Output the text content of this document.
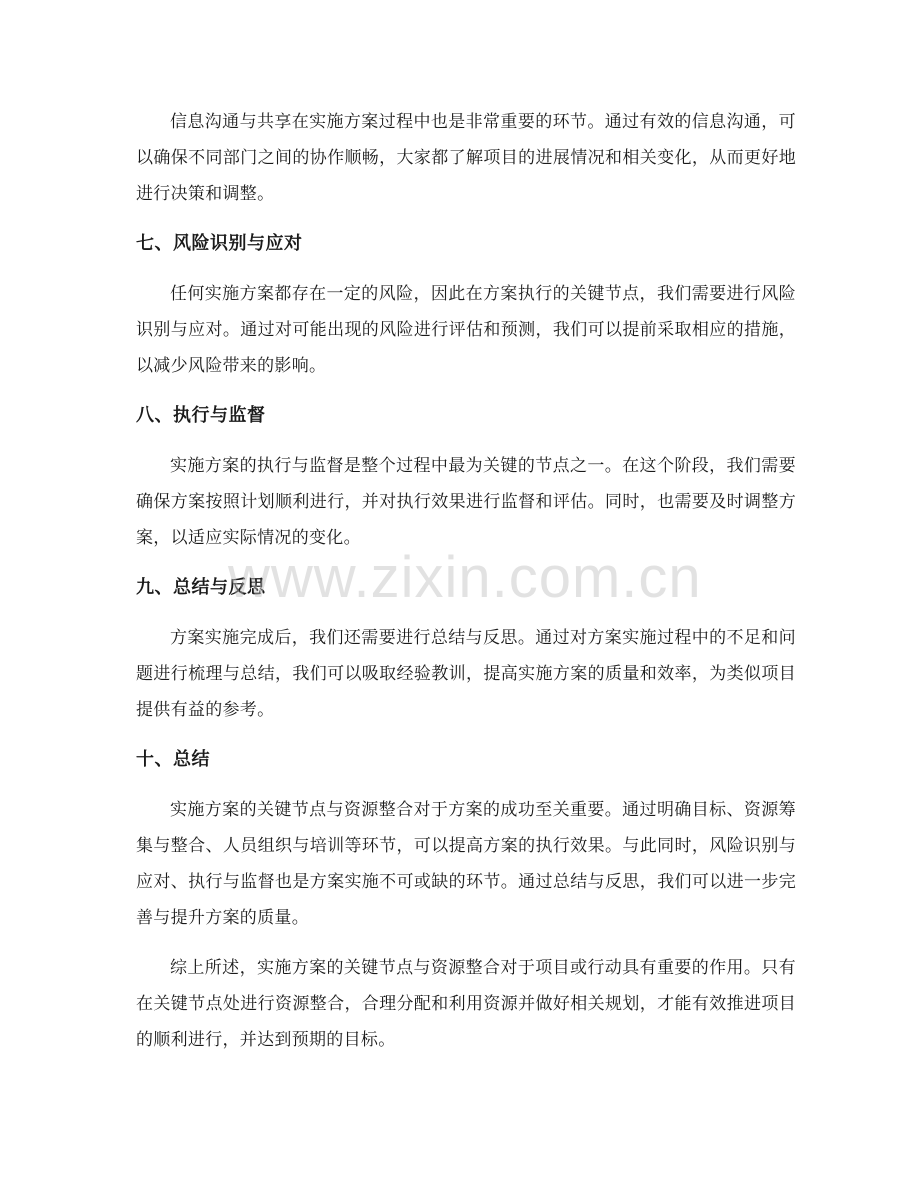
信息沟通与共享在实施方案过程中也是非常重要的环节。通过有效的信息沟通，可以确保不同部门之间的协作顺畅，大家都了解项目的进展情况和相关变化，从而更好地进行决策和调整。

七、风险识别与应对

任何实施方案都存在一定的风险，因此在方案执行的关键节点，我们需要进行风险识别与应对。通过对可能出现的风险进行评估和预测，我们可以提前采取相应的措施，以减少风险带来的影响。

八、执行与监督

实施方案的执行与监督是整个过程中最为关键的节点之一。在这个阶段，我们需要确保方案按照计划顺利进行，并对执行效果进行监督和评估。同时，也需要及时调整方案，以适应实际情况的变化。

九、总结与反思

方案实施完成后，我们还需要进行总结与反思。通过对方案实施过程中的不足和问题进行梳理与总结，我们可以吸取经验教训，提高实施方案的质量和效率，为类似项目提供有益的参考。

十、总结

实施方案的关键节点与资源整合对于方案的成功至关重要。通过明确目标、资源筹集与整合、人员组织与培训等环节，可以提高方案的执行效果。与此同时，风险识别与应对、执行与监督也是方案实施不可或缺的环节。通过总结与反思，我们可以进一步完善与提升方案的质量。

综上所述，实施方案的关键节点与资源整合对于项目或行动具有重要的作用。只有在关键节点处进行资源整合，合理分配和利用资源并做好相关规划，才能有效推进项目的顺利进行，并达到预期的目标。

www.zixin.com.cn
